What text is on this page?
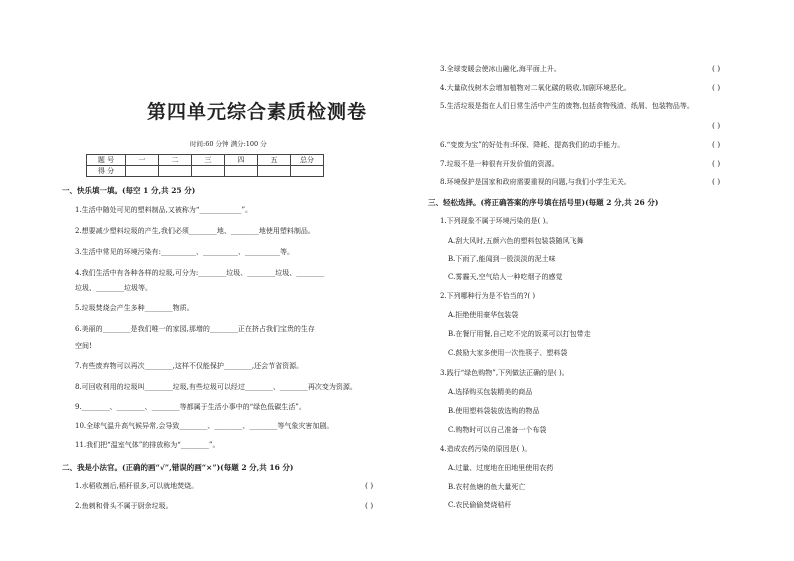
第四单元综合素质检测卷
时间:60 分钟 满分:100 分
题 号	一	二	三	四	五	总分
得 分						
一、快乐填一填。(每空 1 分,共 25 分)
1.生活中随处可见的塑料制品,又被称为“____________”。
2.想要减少塑料垃圾的产生,我们必须________地、________地使用塑料制品。
3.生活中常见的环境污染有:__________、__________、__________等。
4.我们生活中有各种各样的垃圾,可分为:________垃圾、________垃圾、________
垃圾、________垃圾等。
5.垃圾焚烧会产生多种________物质。
6.美丽的________是我们唯一的家园,那增的________正在挤占我们宝贵的生存
空间!
7.有些废弃物可以再次________,这样不仅能保护________,还会节省资源。
8.可回收利用的垃圾叫________垃圾,有些垃圾可以经过________、________再次变为资源。
9.________、________、________等都属于生活小事中的“绿色低碳生活”。
10.全球气温升高气候异常,会导致________、________、________等气象灾害加剧。
11.我们把“温室气体”的排放称为“________”。
二、我是小法官。(正确的画“√”,错误的画“×”)(每题 2 分,共 16 分)
1.水稻收割后,稻秆很多,可以就地焚烧。	( )
2.鱼刺和骨头不属于厨余垃圾。	( )
3.全球变暖会使冰山融化,海平面上升。	( )
4.大量砍伐树木会增加植物对二氧化碳的吸收,加剧环境恶化。	( )
5.生活垃圾是指在人们日常生活中产生的废物,包括食物残渣、纸屑、包装物品等。
( )
6.“变废为宝”的好处有:环保、降耗、提高我们的动手能力。	( )
7.垃圾不是一种很有开发价值的资源。	( )
8.环境保护是国家和政府需要重视的问题,与我们小学生无关。	( )
三、轻松选择。(将正确答案的序号填在括号里)(每题 2 分,共 26 分)
1.下列现象不属于环境污染的是( )。
A.刮大风时,五颜六色的塑料包装袋随风飞舞
B.下雨了,能闻到一股淡淡的泥土味
C.雾霾天,空气给人一种吃烟子的感觉
2.下列哪种行为是不恰当的?( )
A.拒绝使用豪华包装袋
B.在餐厅用餐,自己吃不完的饭菜可以打包带走
C.鼓励大家多使用一次性筷子、塑料袋
3.践行“绿色购物”,下列做法正确的是( )。
A.选择购买包装精美的商品
B.使用塑料袋装放选购的物品
C.购物时可以自己准备一个布袋
4.造成农药污染的原因是( )。
A.过量、过度地在田地里使用农药
B.农村鱼塘的鱼大量死亡
C.农民偷偷焚烧秸秆
